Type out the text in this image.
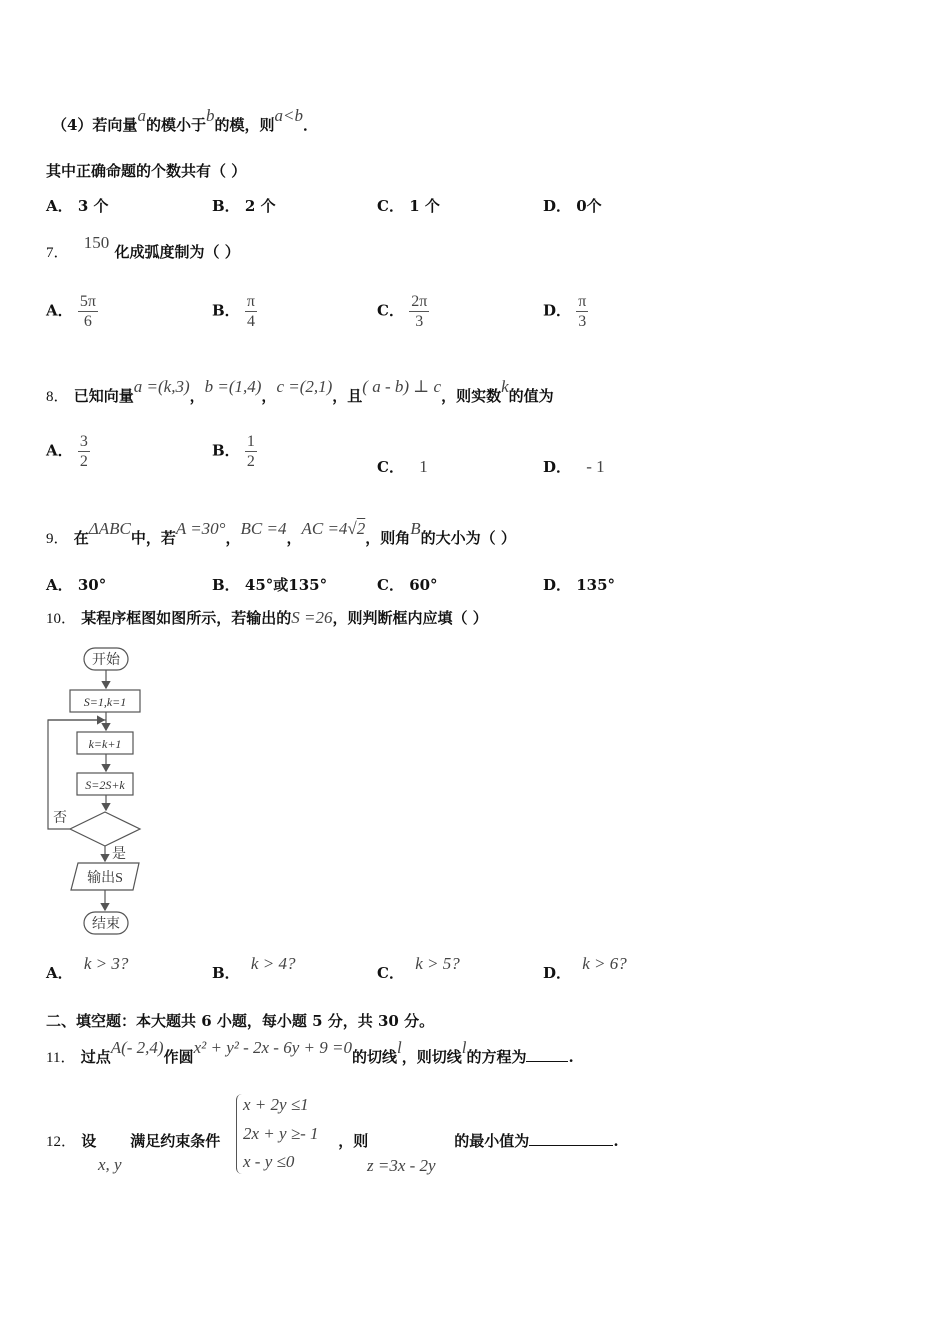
（4）若向量a的模小于b的模，则a<b．
其中正确命题的个数共有（ ）
A． 3 个	B． 2 个	C． 1 个	D． 0个
7． 150 化成弧度制为（ ）
A． $\frac{5\pi}{6}$	B． $\frac{\pi}{4}$	C． $\frac{2\pi}{3}$	D． $\frac{\pi}{3}$
8． 已知向量a =(k,3)，b =(1,4)，c =(2,1)，且( a - b) ⊥ c，则实数k的值为
A． $\frac{3}{2}$	B． $\frac{1}{2}$	C． 1	D． - 1
9． 在ΔABC中，若A =30°，BC =4，AC =4√2，则角B的大小为（ ）
A． 30°	B． 45°或135°	C． 60°	D． 135°
10． 某程序框图如图所示，若输出的S =26，则判断框内应填（ ）
开始
S=1,k=1
k=k+1
S=2S+k
否
是
输出S
结束
A． k > 3?	B． k > 4?	C． k > 5?	D． k > 6?
二、填空题：本大题共 6 小题，每小题 5 分，共 30 分。
11． 过点A(- 2,4)作圆x² + y² - 2x - 6y + 9 =0的切线l，则切线l的方程为	.
12． 设 满足约束条件	，则	的最小值为	.
x, y
x + 2y ≤1
2x + y ≥- 1
x - y ≤0	z =3x - 2y
